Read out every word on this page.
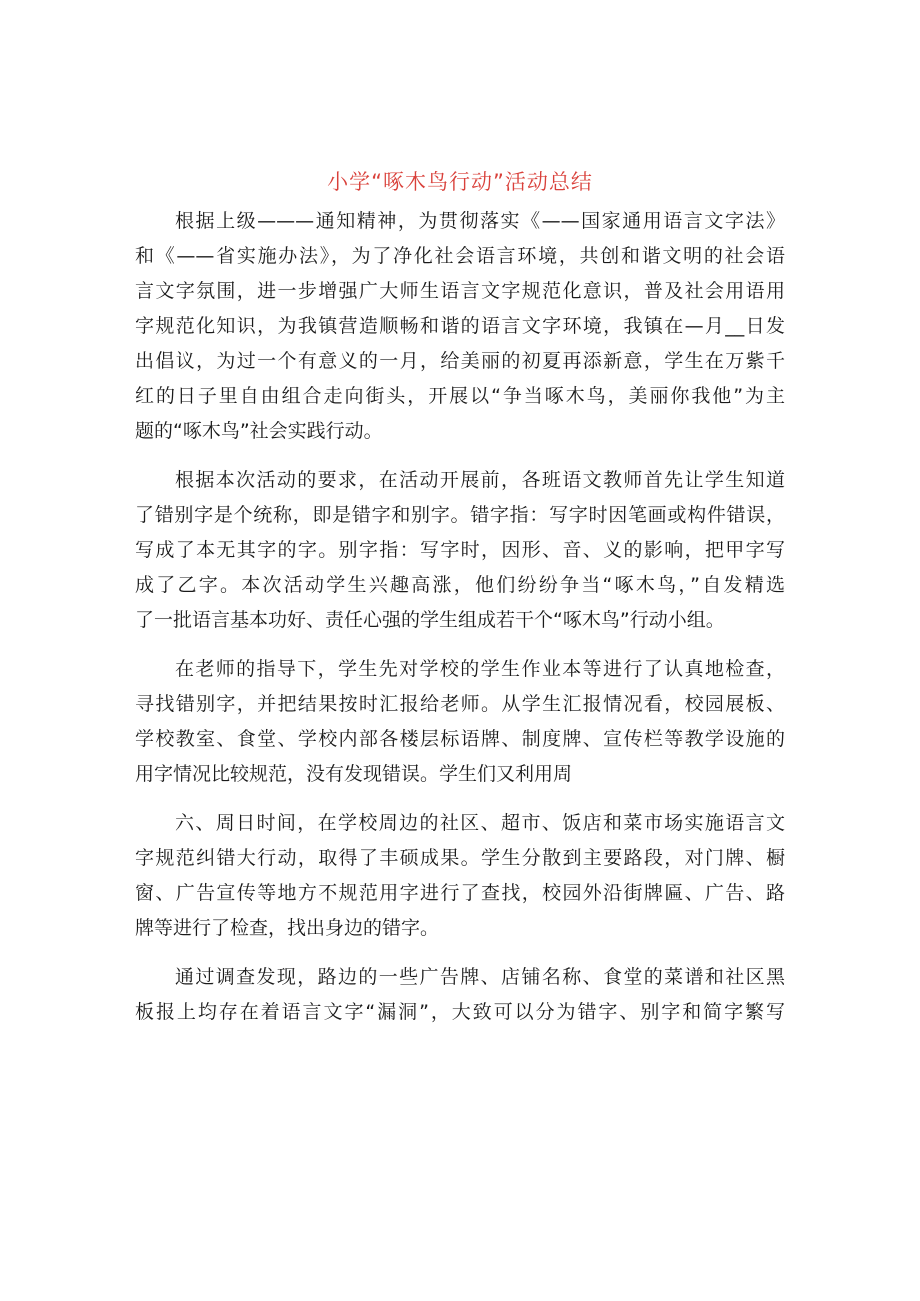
小学“啄木鸟行动”活动总结
根据上级———通知精神，为贯彻落实《——国家通用语言文字法》
和《——省实施办法》，为了净化社会语言环境，共创和谐文明的社会语
言文字氛围，进一步增强广大师生语言文字规范化意识，普及社会用语用
字规范化知识，为我镇营造顺畅和谐的语言文字环境，我镇在—月__日发
出倡议，为过一个有意义的一月，给美丽的初夏再添新意，学生在万紫千
红的日子里自由组合走向街头，开展以“争当啄木鸟，美丽你我他”为主
题的“啄木鸟”社会实践行动。
根据本次活动的要求，在活动开展前，各班语文教师首先让学生知道
了错别字是个统称，即是错字和别字。错字指：写字时因笔画或构件错误，
写成了本无其字的字。别字指：写字时，因形、音、义的影响，把甲字写
成了乙字。本次活动学生兴趣高涨，他们纷纷争当“啄木鸟，”自发精选
了一批语言基本功好、责任心强的学生组成若干个“啄木鸟”行动小组。
在老师的指导下，学生先对学校的学生作业本等进行了认真地检查，
寻找错别字，并把结果按时汇报给老师。从学生汇报情况看，校园展板、
学校教室、食堂、学校内部各楼层标语牌、制度牌、宣传栏等教学设施的
用字情况比较规范，没有发现错误。学生们又利用周
六、周日时间，在学校周边的社区、超市、饭店和菜市场实施语言文
字规范纠错大行动，取得了丰硕成果。学生分散到主要路段，对门牌、橱
窗、广告宣传等地方不规范用字进行了查找，校园外沿街牌匾、广告、路
牌等进行了检查，找出身边的错字。
通过调查发现，路边的一些广告牌、店铺名称、食堂的菜谱和社区黑
板报上均存在着语言文字“漏洞”，大致可以分为错字、别字和简字繁写
